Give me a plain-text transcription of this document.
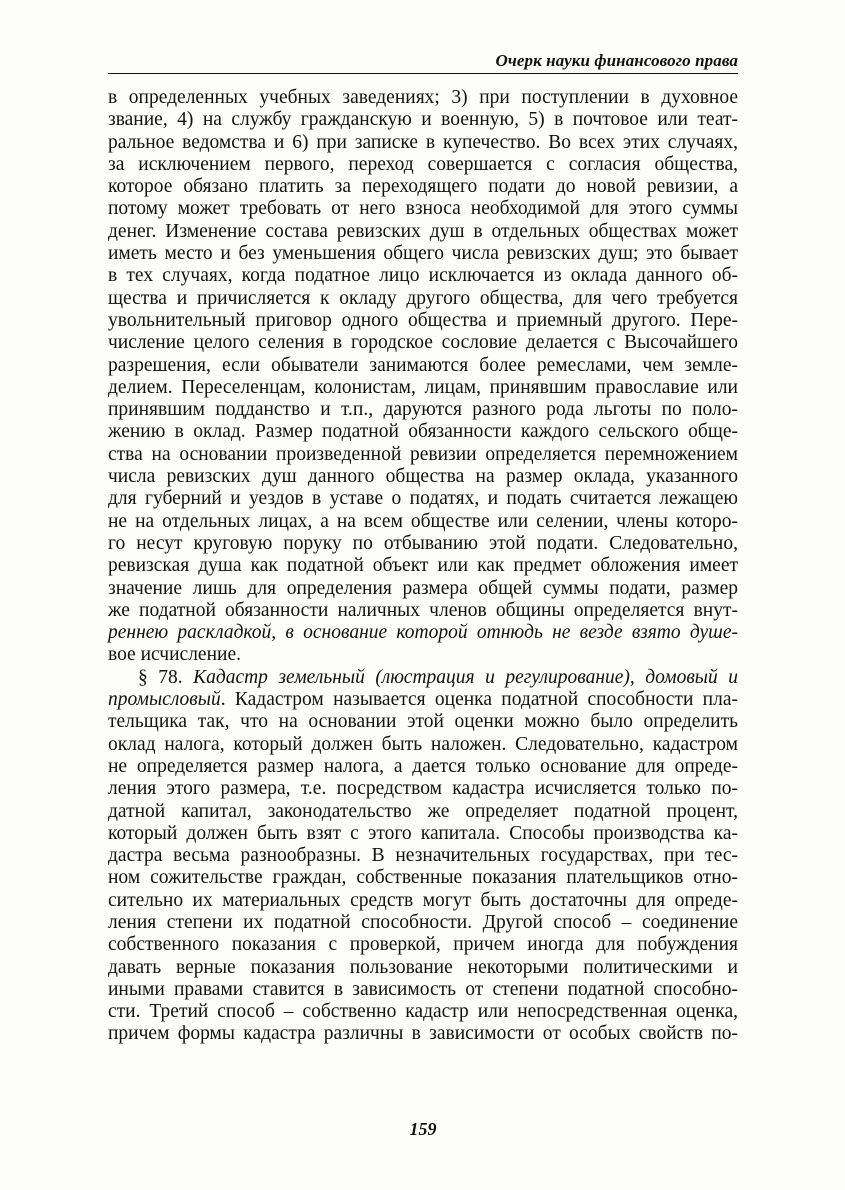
Очерк науки финансового права
в определенных учебных заведениях; 3) при поступлении в духовное
звание, 4) на службу гражданскую и военную, 5) в почтовое или теат-
ральное ведомства и 6) при записке в купечество. Во всех этих случаях,
за исключением первого, переход совершается с согласия общества,
которое обязано платить за переходящего подати до новой ревизии, а
потому может требовать от него взноса необходимой для этого суммы
денег. Изменение состава ревизских душ в отдельных обществах может
иметь место и без уменьшения общего числа ревизских душ; это бывает
в тех случаях, когда податное лицо исключается из оклада данного об-
щества и причисляется к окладу другого общества, для чего требуется
увольнительный приговор одного общества и приемный другого. Пере-
числение целого селения в городское сословие делается с Высочайшего
разрешения, если обыватели занимаются более ремеслами, чем земле-
делием. Переселенцам, колонистам, лицам, принявшим православие или
принявшим подданство и т.п., даруются разного рода льготы по поло-
жению в оклад. Размер податной обязанности каждого сельского обще-
ства на основании произведенной ревизии определяется перемножением
числа ревизских душ данного общества на размер оклада, указанного
для губерний и уездов в уставе о податях, и подать считается лежащею
не на отдельных лицах, а на всем обществе или селении, члены которо-
го несут круговую поруку по отбыванию этой подати. Следовательно,
ревизская душа как податной объект или как предмет обложения имеет
значение лишь для определения размера общей суммы подати, размер
же податной обязанности наличных членов общины определяется внут-
реннею раскладкой, в основание которой отнюдь не везде взято душе-
вое исчисление.
§ 78. Кадастр земельный (люстрация и регулирование), домовый и
промысловый. Кадастром называется оценка податной способности пла-
тельщика так, что на основании этой оценки можно было определить
оклад налога, который должен быть наложен. Следовательно, кадастром
не определяется размер налога, а дается только основание для опреде-
ления этого размера, т.е. посредством кадастра исчисляется только по-
датной капитал, законодательство же определяет податной процент,
который должен быть взят с этого капитала. Способы производства ка-
дастра весьма разнообразны. В незначительных государствах, при тес-
ном сожительстве граждан, собственные показания плательщиков отно-
сительно их материальных средств могут быть достаточны для опреде-
ления степени их податной способности. Другой способ – соединение
собственного показания с проверкой, причем иногда для побуждения
давать верные показания пользование некоторыми политическими и
иными правами ставится в зависимость от степени податной способно-
сти. Третий способ – собственно кадастр или непосредственная оценка,
причем формы кадастра различны в зависимости от особых свойств по-
159
